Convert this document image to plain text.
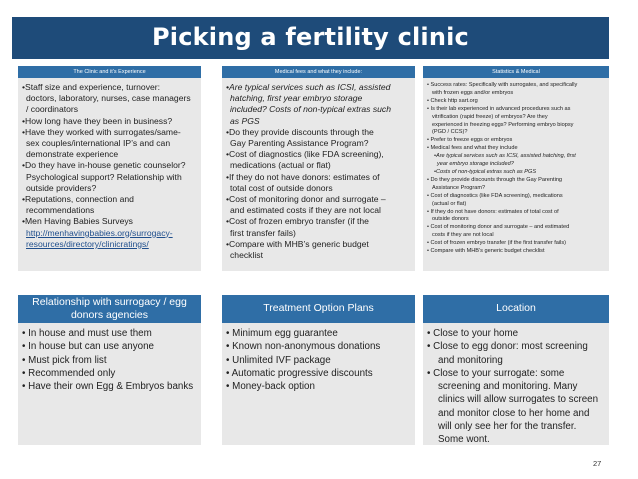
Picking a fertility clinic
The Clinic and it’s Experience
•Staff size and experience, turnover:
doctors, laboratory, nurses, case managers
/ coordinators
•How long have they been in business?
•Have they worked with surrogates/same-
sex couples/international IP’s and can
demonstrate experience
•Do they have in-house genetic counselor?
Psychological support? Relationship with
outside providers?
•Reputations, connection and
recommendations
•Men Having Babies Surveys
http://menhavingbabies.org/surrogacy-
resources/directory/clinicratings/
Medical fees and what they include:
•Are typical services such as ICSI, assisted
hatching, first year embryo storage
included? Costs of non-typical extras such
as PGS
•Do they provide discounts through the
Gay Parenting Assistance Program?
•Cost of diagnostics (like FDA screening),
medications (actual or flat)
•If they do not have donors: estimates of
total cost of outside donors
•Cost of monitoring donor and surrogate –
and estimated costs if they are not local
•Cost of frozen embryo transfer (if the
first transfer fails)
•Compare with MHB’s generic budget
checklist
Statistics & Medical
• Success rates: Specifically with surrogates, and specifically
with frozen eggs and/or embryos
• Check http sart.org
• Is their lab experienced in advanced procedures such as
vitrification (rapid freeze) of embryos? Are they
experienced in freezing eggs? Performing embryo biopsy
(PGD / CCS)?
• Prefer to freeze eggs or embryos
• Medical fees and what they include
•Are typical services such as ICSI, assisted hatching, first
year embryo storage included?
•Costs of non-typical extras such as PGS
• Do they provide discounts through the Gay Parenting
Assistance Program?
• Cost of diagnostics (like FDA screening), medications
(actual or flat)
• If they do not have donors: estimates of total cost of
outside donors
• Cost of monitoring donor and surrogate – and estimated
costs if they are not local
• Cost of frozen embryo transfer (if the first transfer fails)
• Compare with MHB’s generic budget checklist
Relationship with surrogacy / egg
donors agencies
• In house and must use them
• In house but can use anyone
• Must pick from list
• Recommended only
• Have their own Egg & Embryos banks
Treatment Option Plans
• Minimum egg guarantee
• Known non-anonymous donations
• Unlimited IVF package
• Automatic progressive discounts
• Money-back option
Location
• Close to your home
• Close to egg donor: most screening
and monitoring
• Close to your surrogate: some
screening and monitoring. Many
clinics will allow surrogates to screen
and monitor close to her home and
will only see her for the transfer.
Some wont.
27
